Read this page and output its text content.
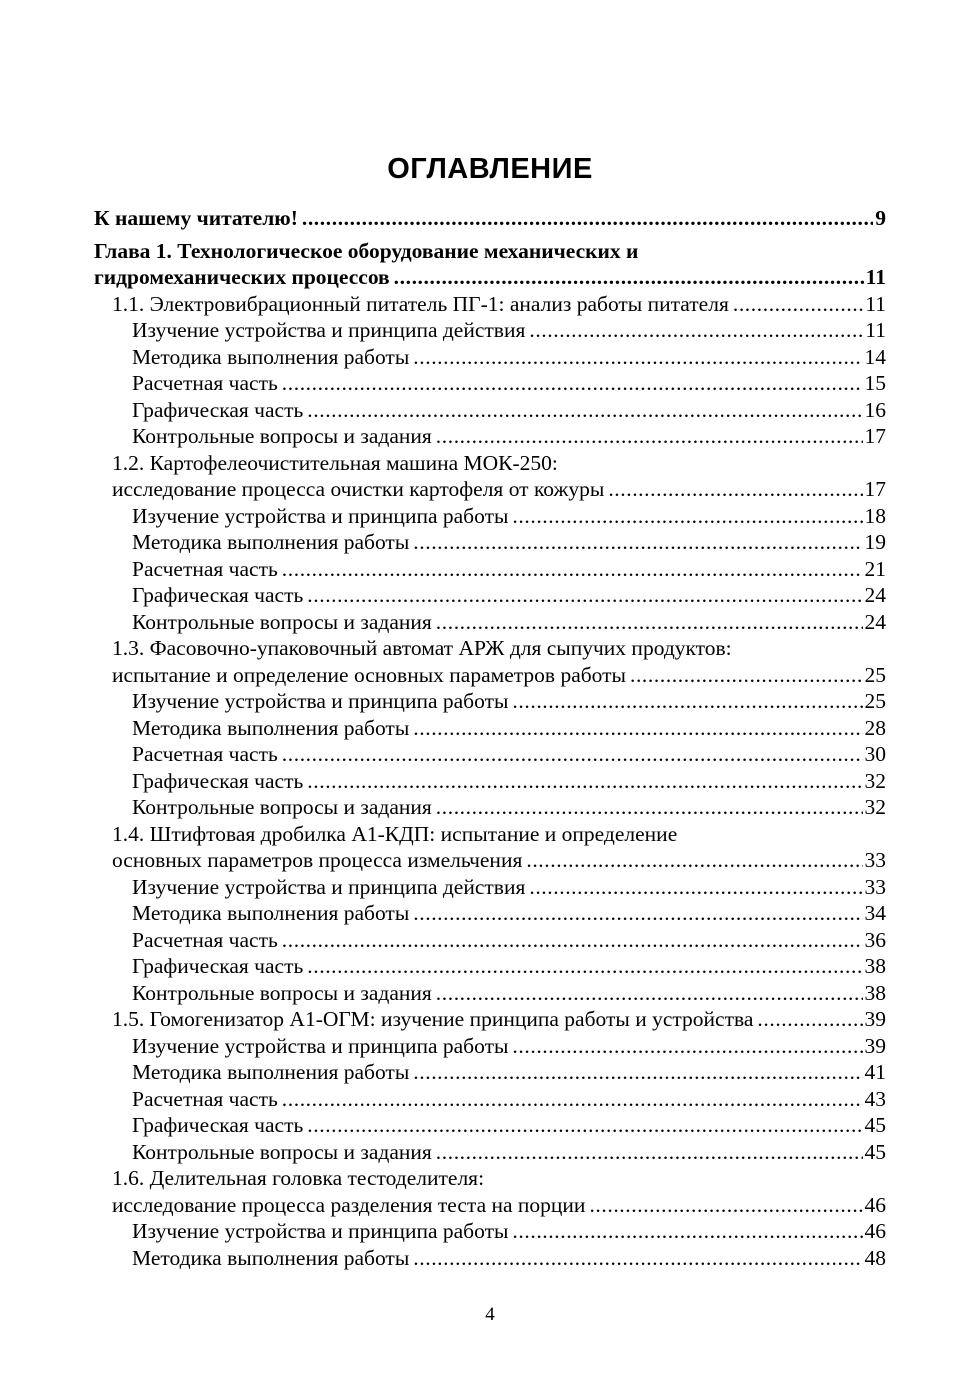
ОГЛАВЛЕНИЕ
К нашему читателю! .....	9
Глава 1. Технологическое оборудование механических и
гидромеханических процессов .....	11
1.1. Электровибрационный питатель ПГ-1: анализ работы питателя .....	11
Изучение устройства и принципа действия .....	11
Методика выполнения работы .....	14
Расчетная часть .....	15
Графическая часть .....	16
Контрольные вопросы и задания .....	17
1.2. Картофелеочистительная машина МОК-250:
исследование процесса очистки картофеля от кожуры .....	17
Изучение устройства и принципа работы .....	18
Методика выполнения работы .....	19
Расчетная часть .....	21
Графическая часть .....	24
Контрольные вопросы и задания .....	24
1.3. Фасовочно-упаковочный автомат АРЖ для сыпучих продуктов:
испытание и определение основных параметров работы .....	25
Изучение устройства и принципа работы .....	25
Методика выполнения работы .....	28
Расчетная часть .....	30
Графическая часть .....	32
Контрольные вопросы и задания .....	32
1.4. Штифтовая дробилка А1-КДП: испытание и определение
основных параметров процесса измельчения .....	33
Изучение устройства и принципа действия .....	33
Методика выполнения работы .....	34
Расчетная часть .....	36
Графическая часть .....	38
Контрольные вопросы и задания .....	38
1.5. Гомогенизатор А1-ОГМ: изучение принципа работы и устройства .....	39
Изучение устройства и принципа работы .....	39
Методика выполнения работы .....	41
Расчетная часть .....	43
Графическая часть .....	45
Контрольные вопросы и задания .....	45
1.6. Делительная головка тестоделителя:
исследование процесса разделения теста на порции .....	46
Изучение устройства и принципа работы .....	46
Методика выполнения работы .....	48
4
